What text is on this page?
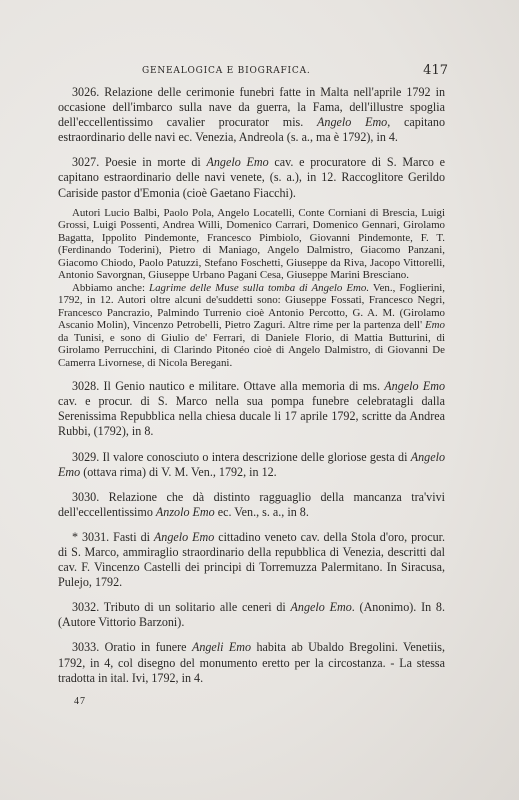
GENEALOGICA E BIOGRAFICA.	417

3026. Relazione delle cerimonie funebri fatte in Malta nell'aprile 1792 in occasione dell'imbarco sulla nave da guerra, la Fama, dell'illustre spoglia dell'eccellentissimo cavalier procurator mis. Angelo Emo, capitano estraordinario delle navi ec. Venezia, Andreola (s. a., ma è 1792), in 4.

3027. Poesie in morte di Angelo Emo cav. e procuratore di S. Marco e capitano estraordinario delle navi venete, (s. a.), in 12. Raccoglitore Gerildo Cariside pastor d'Emonia (cioè Gaetano Fiacchi).

Autori Lucio Balbi, Paolo Pola, Angelo Locatelli, Conte Corniani di Brescia, Luigi Grossi, Luigi Possenti, Andrea Willi, Domenico Carrari, Domenico Gennari, Girolamo Bagatta, Ippolito Pindemonte, Francesco Pimbiolo, Giovanni Pindemonte, F. T. (Ferdinando Toderini), Pietro di Maniago, Angelo Dalmistro, Giacomo Panzani, Giacomo Chiodo, Paolo Patuzzi, Stefano Foschetti, Giuseppe da Riva, Jacopo Vittorelli, Antonio Savorgnan, Giuseppe Urbano Pagani Cesa, Giuseppe Marini Bresciano.

Abbiamo anche: Lagrime delle Muse sulla tomba di Angelo Emo. Ven., Foglierini, 1792, in 12. Autori oltre alcuni de'suddetti sono: Giuseppe Fossati, Francesco Negri, Francesco Pancrazio, Palmindo Turrenio cioè Antonio Percotto, G. A. M. (Girolamo Ascanio Molin), Vincenzo Petrobelli, Pietro Zaguri. Altre rime per la partenza dell' Emo da Tunisi, e sono di Giulio de' Ferrari, di Daniele Florio, di Mattia Butturini, di Girolamo Perrucchini, di Clarindo Pitonéo cioè di Angelo Dalmistro, di Giovanni De Camerra Livornese, di Nicola Beregani.

3028. Il Genio nautico e militare. Ottave alla memoria di ms. Angelo Emo cav. e procur. di S. Marco nella sua pompa funebre celebratagli dalla Serenissima Repubblica nella chiesa ducale li 17 aprile 1792, scritte da Andrea Rubbi, (1792), in 8.

3029. Il valore conosciuto o intera descrizione delle gloriose gesta di Angelo Emo (ottava rima) di V. M. Ven., 1792, in 12.

3030. Relazione che dà distinto ragguaglio della mancanza tra'vivi dell'eccellentissimo Anzolo Emo ec. Ven., s. a., in 8.

* 3031. Fasti di Angelo Emo cittadino veneto cav. della Stola d'oro, procur. di S. Marco, ammiraglio straordinario della repubblica di Venezia, descritti dal cav. F. Vincenzo Castelli dei principi di Torremuzza Palermitano. In Siracusa, Pulejo, 1792.

3032. Tributo di un solitario alle ceneri di Angelo Emo. (Anonimo). In 8. (Autore Vittorio Barzoni).

3033. Oratio in funere Angeli Emo habita ab Ubaldo Bregolini. Venetiis, 1792, in 4, col disegno del monumento eretto per la circostanza. - La stessa tradotta in ital. Ivi, 1792, in 4.

47
